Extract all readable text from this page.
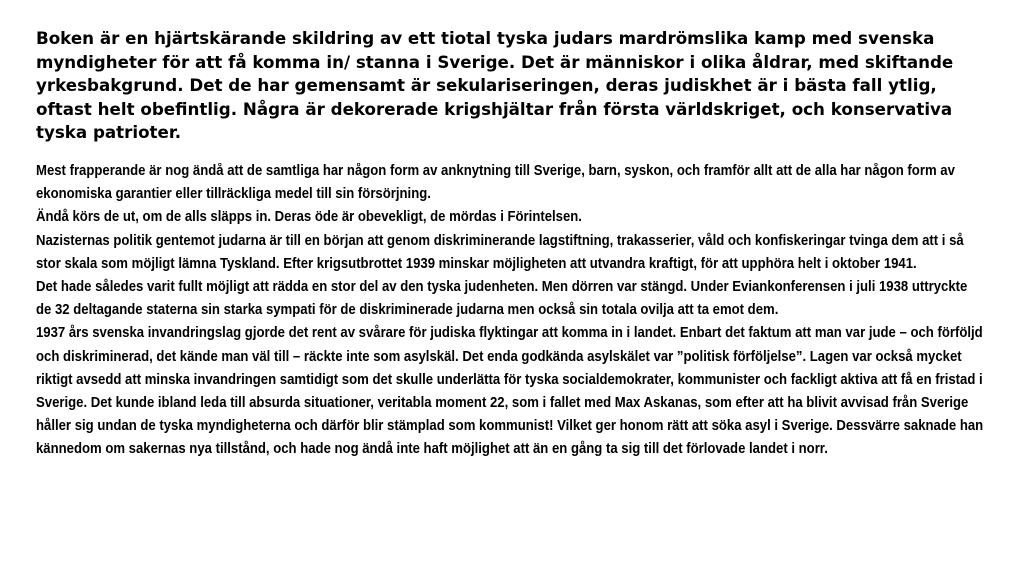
Boken är en hjärtskärande skildring av ett tiotal tyska judars mardrömslika kamp med svenska myndigheter för att få komma in/ stanna i Sverige. Det är människor i olika åldrar, med skiftande yrkesbakgrund. Det de har gemensamt är sekulariseringen, deras judiskhet är i bästa fall ytlig, oftast helt obefintlig. Några är dekorerade krigshjältar från första världskriget, och konservativa tyska patrioter.

Mest frapperande är nog ändå att de samtliga har någon form av anknytning till Sverige, barn, syskon, och framför allt att de alla har någon form av ekonomiska garantier eller tillräckliga medel till sin försörjning.

Ändå körs de ut, om de alls släpps in. Deras öde är obevekligt, de mördas i Förintelsen.

Nazisternas politik gentemot judarna är till en början att genom diskriminerande lagstiftning, trakasserier, våld och konfiskeringar tvinga dem att i så stor skala som möjligt lämna Tyskland. Efter krigsutbrottet 1939 minskar möjligheten att utvandra kraftigt, för att upphöra helt i oktober 1941.

Det hade således varit fullt möjligt att rädda en stor del av den tyska judenheten. Men dörren var stängd. Under Eviankonferensen i juli 1938 uttryckte de 32 deltagande staterna sin starka sympati för de diskriminerade judarna men också sin totala ovilja att ta emot dem.

1937 års svenska invandringslag gjorde det rent av svårare för judiska flyktingar att komma in i landet. Enbart det faktum att man var jude – och förföljd och diskriminerad, det kände man väl till – räckte inte som asylskäl. Det enda godkända asylskälet var ”politisk förföljelse”. Lagen var också mycket riktigt avsedd att minska invandringen samtidigt som det skulle underlätta för tyska socialdemokrater, kommunister och fackligt aktiva att få en fristad i Sverige. Det kunde ibland leda till absurda situationer, veritabla moment 22, som i fallet med Max Askanas, som efter att ha blivit avvisad från Sverige håller sig undan de tyska myndigheterna och därför blir stämplad som kommunist! Vilket ger honom rätt att söka asyl i Sverige. Dessvärre saknade han kännedom om sakernas nya tillstånd, och hade nog ändå inte haft möjlighet att än en gång ta sig till det förlovade landet i norr.
